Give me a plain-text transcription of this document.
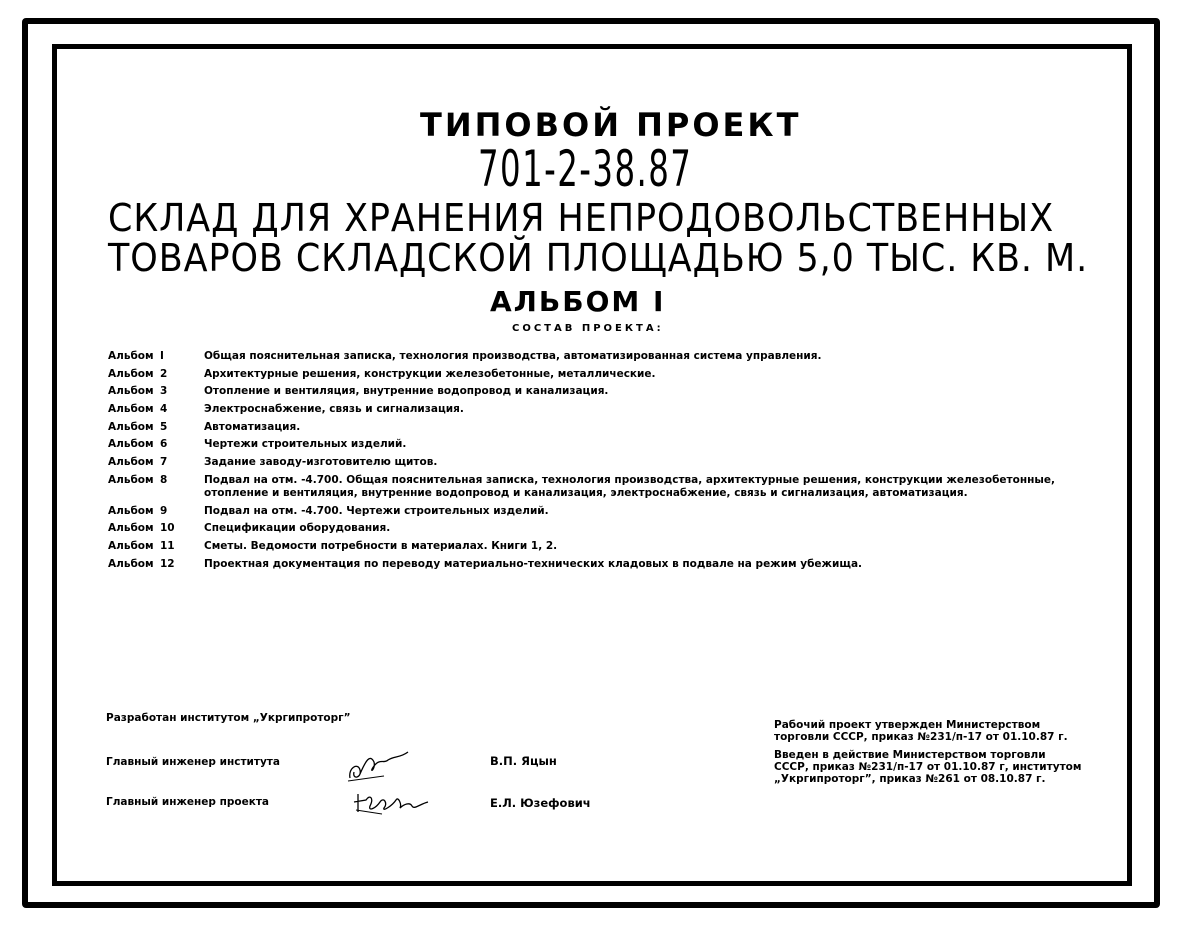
ТИПОВОЙ ПРОЕКТ
701-2-38.87
СКЛАД ДЛЯ ХРАНЕНИЯ НЕПРОДОВОЛЬСТВЕННЫХ
ТОВАРОВ СКЛАДСКОЙ ПЛОЩАДЬЮ 5,0 ТЫС. КВ. М.
АЛЬБОМ I
СОСТАВ ПРОЕКТА:
Альбом I	Общая пояснительная записка, технология производства, автоматизированная система управления.
Альбом 2	Архитектурные решения, конструкции железобетонные, металлические.
Альбом 3	Отопление и вентиляция, внутренние водопровод и канализация.
Альбом 4	Электроснабжение, связь и сигнализация.
Альбом 5	Автоматизация.
Альбом 6	Чертежи строительных изделий.
Альбом 7	Задание заводу-изготовителю щитов.
Альбом 8	Подвал на отм. -4.700. Общая пояснительная записка, технология производства, архитектурные решения, конструкции железобетонные, отопление и вентиляция, внутренние водопровод и канализация, электроснабжение, связь и сигнализация, автоматизация.
Альбом 9	Подвал на отм. -4.700. Чертежи строительных изделий.
Альбом 10	Спецификации оборудования.
Альбом 11	Сметы. Ведомости потребности в материалах. Книги 1, 2.
Альбом 12	Проектная документация по переводу материально-технических кладовых в подвале на режим убежища.
Разработан институтом „Укргипроторг”
Главный инженер института	В.П. Яцын
Главный инженер проекта	Е.Л. Юзефович
Рабочий проект утвержден Министерством
торговли СССР, приказ №231/п-17 от 01.10.87 г.
Введен в действие Министерством торговли
СССР, приказ №231/п-17 от 01.10.87 г, институтом
„Укргипроторг”, приказ №261 от 08.10.87 г.
